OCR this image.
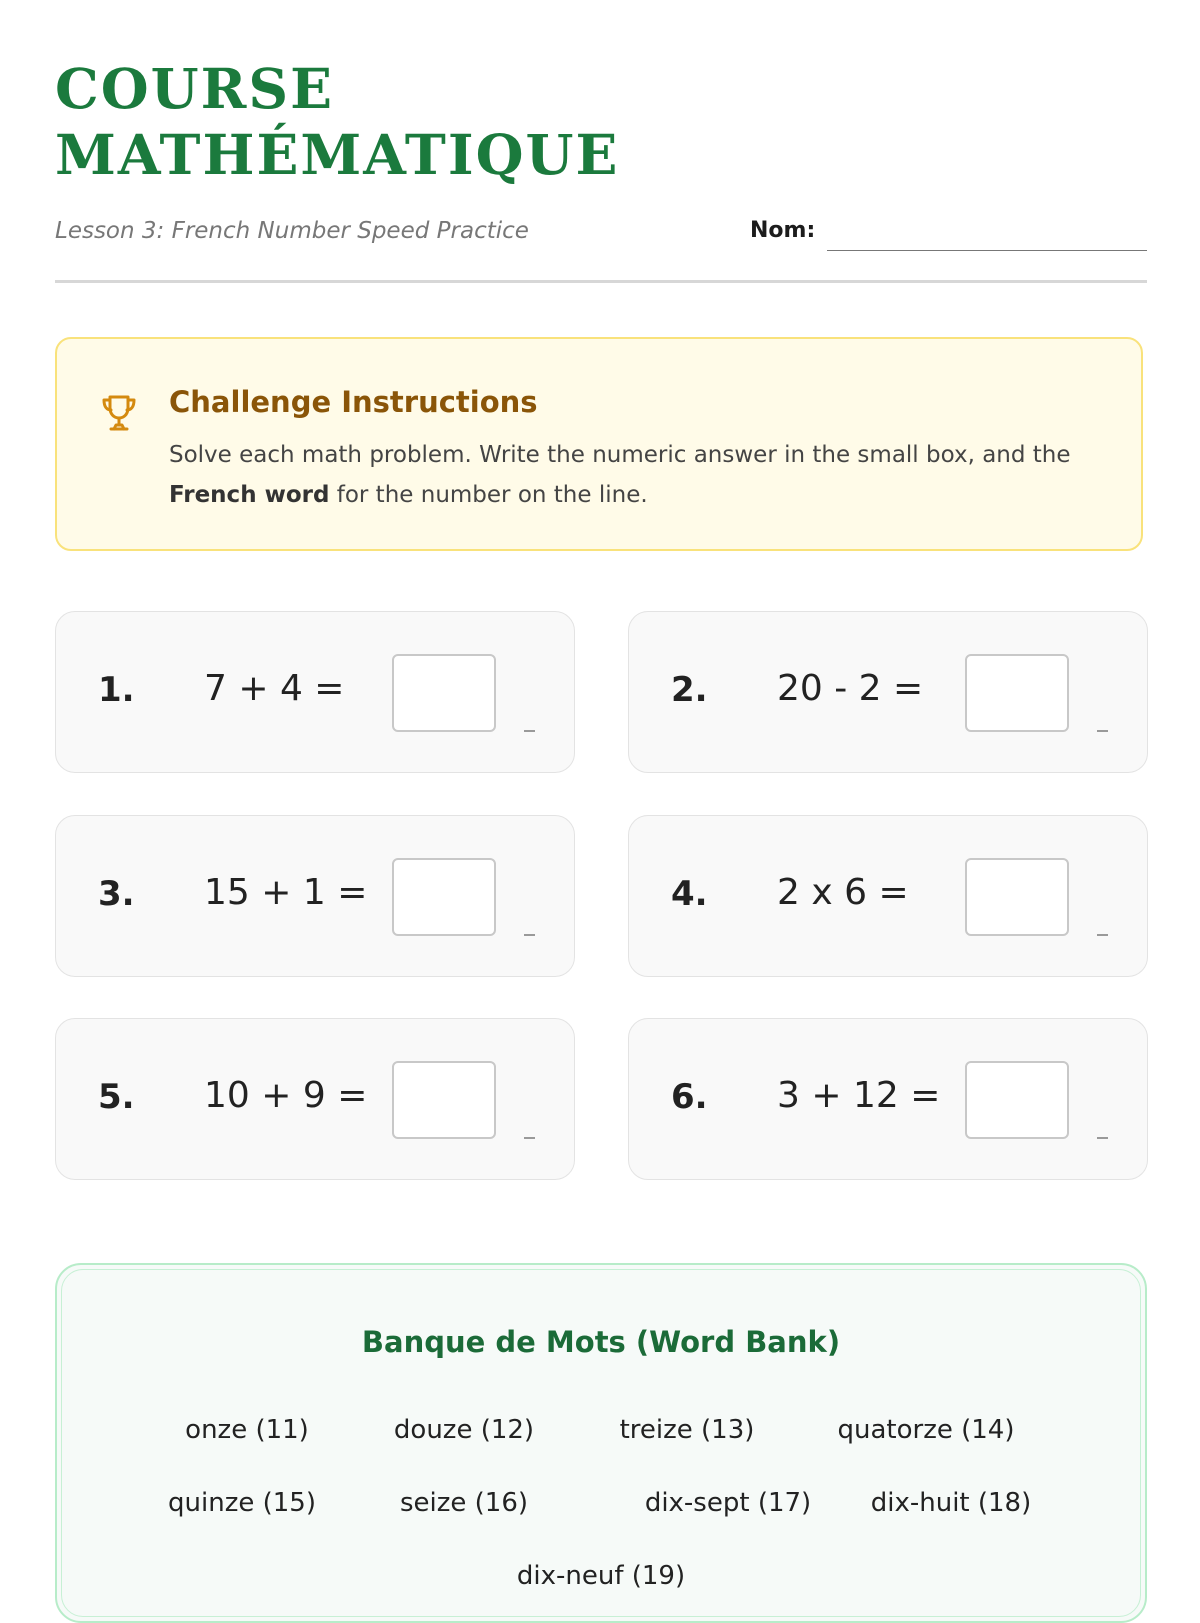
COURSE
MATHÉMATIQUE
Lesson 3: French Number Speed Practice	Nom:
Challenge Instructions
Solve each math problem. Write the numeric answer in the small box, and the French word for the number on the line.
1. 7 + 4 =	2. 20 - 2 =
3. 15 + 1 =	4. 2 x 6 =
5. 10 + 9 =	6. 3 + 12 =
Banque de Mots (Word Bank)
onze (11)	douze (12)	treize (13)	quatorze (14)
quinze (15)	seize (16)	dix-sept (17)	dix-huit (18)
dix-neuf (19)
